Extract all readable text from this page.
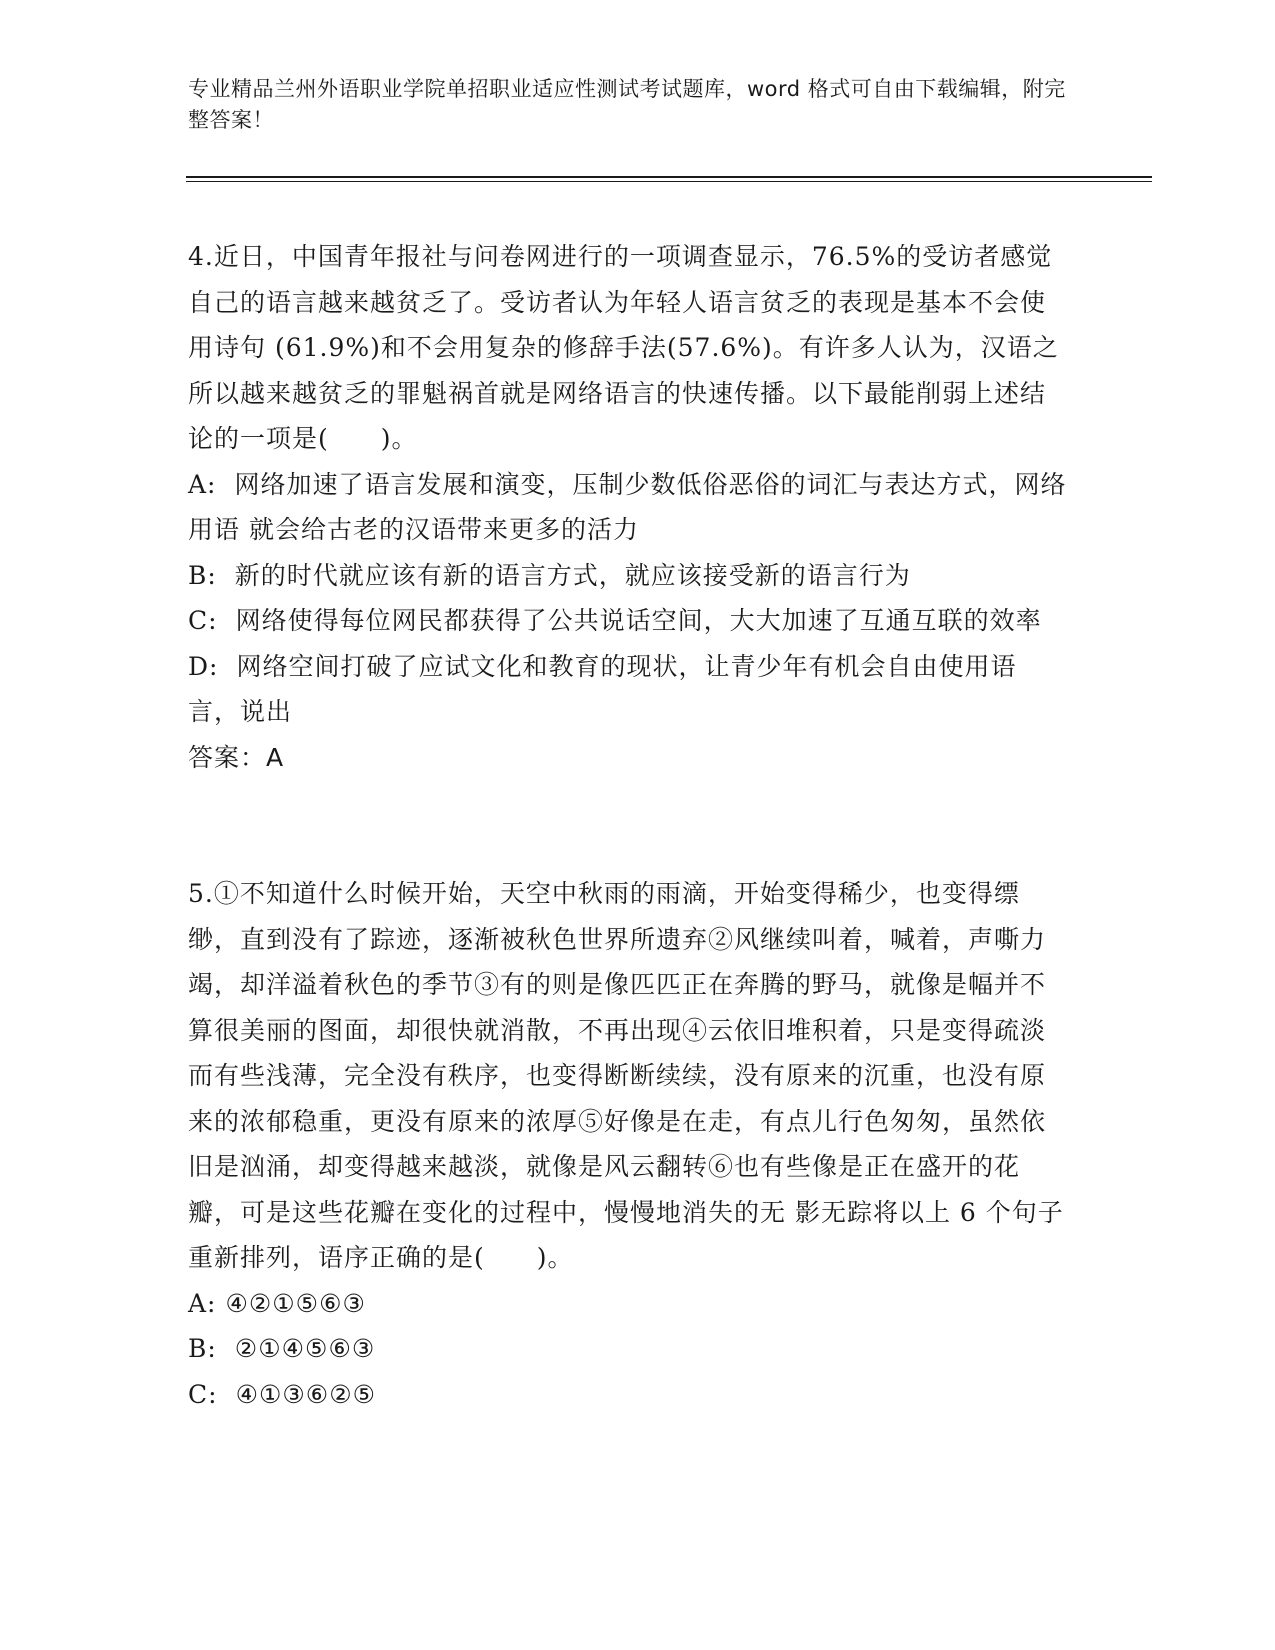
专业精品兰州外语职业学院单招职业适应性测试考试题库，word 格式可自由下载编辑，附完整答案！

4.近日，中国青年报社与问卷网进行的一项调查显示，76.5%的受访者感觉 自己的语言越来越贫乏了。受访者认为年轻人语言贫乏的表现是基本不会使用诗句 (61.9%)和不会用复杂的修辞手法(57.6%)。有许多人认为，汉语之所以越来越贫乏的罪魁祸首就是网络语言的快速传播。以下最能削弱上述结论的一项是(　　)。

A: 网络加速了语言发展和演变，压制少数低俗恶俗的词汇与表达方式，网络用语 就会给古老的汉语带来更多的活力

B: 新的时代就应该有新的语言方式，就应该接受新的语言行为

C: 网络使得每位网民都获得了公共说话空间，大大加速了互通互联的效率

D: 网络空间打破了应试文化和教育的现状，让青少年有机会自由使用语言，说出

答案：A

5.①不知道什么时候开始，天空中秋雨的雨滴，开始变得稀少，也变得缥缈，直到没有了踪迹，逐渐被秋色世界所遗弃②风继续叫着，喊着，声嘶力竭，却洋溢着秋色的季节③有的则是像匹匹正在奔腾的野马，就像是幅并不算很美丽的图面，却很快就消散，不再出现④云依旧堆积着，只是变得疏淡而有些浅薄，完全没有秩序，也变得断断续续，没有原来的沉重，也没有原来的浓郁稳重，更没有原来的浓厚⑤好像是在走，有点儿行色匆匆，虽然依旧是汹涌，却变得越来越淡，就像是风云翻转⑥也有些像是正在盛开的花瓣，可是这些花瓣在变化的过程中，慢慢地消失的无 影无踪将以上 6 个句子重新排列，语序正确的是(　　)。

A: ④②①⑤⑥③

B: ②①④⑤⑥③

C: ④①③⑥②⑤
